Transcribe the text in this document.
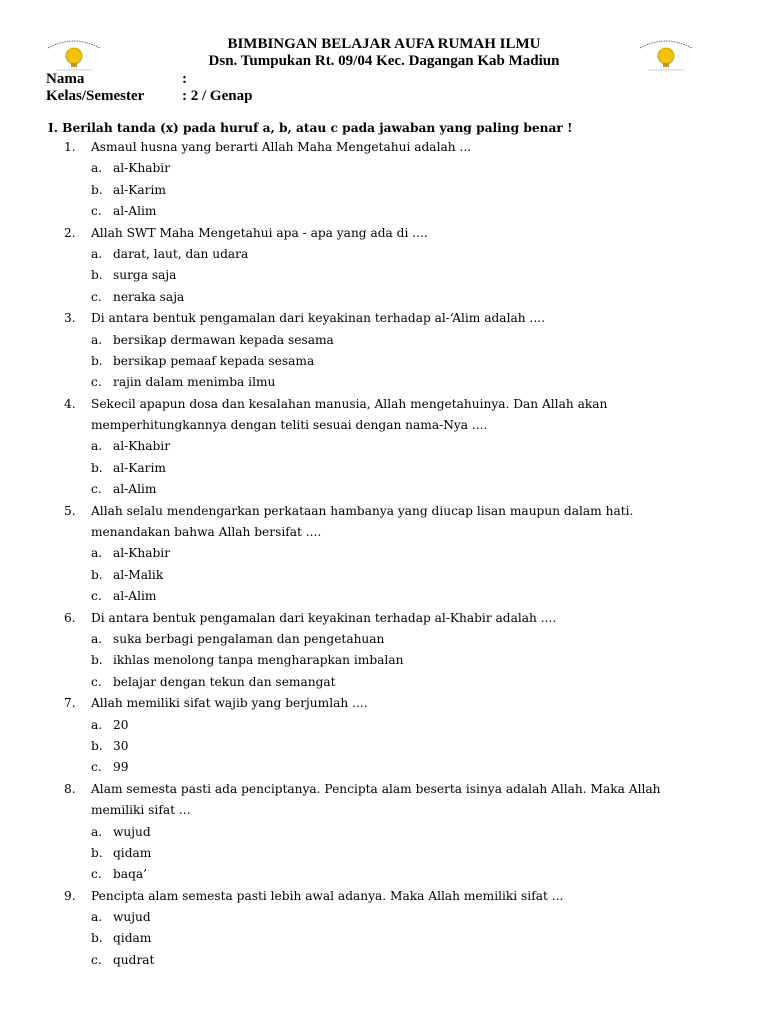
BIMBINGAN BELAJAR AUFA RUMAH ILMU
Dsn. Tumpukan Rt. 09/04 Kec. Dagangan Kab Madiun
Nama	:
Kelas/Semester	: 2 / Genap
I. Berilah tanda (x) pada huruf a, b, atau c pada jawaban yang paling benar !
1.	Asmaul husna yang berarti Allah Maha Mengetahui adalah ...
a. al-Khabir
b. al-Karim
c. al-Alim
2.	Allah SWT Maha Mengetahui apa - apa yang ada di ....
a. darat, laut, dan udara
b. surga saja
c. neraka saja
3.	Di antara bentuk pengamalan dari keyakinan terhadap al-‘Alim adalah ....
a. bersikap dermawan kepada sesama
b. bersikap pemaaf kepada sesama
c. rajin dalam menimba ilmu
4.	Sekecil apapun dosa dan kesalahan manusia, Allah mengetahuinya. Dan Allah akan
memperhitungkannya dengan teliti sesuai dengan nama-Nya ....
a. al-Khabir
b. al-Karim
c. al-Alim
5.	Allah selalu mendengarkan perkataan hambanya yang diucap lisan maupun dalam hati.
menandakan bahwa Allah bersifat ....
a. al-Khabir
b. al-Malik
c. al-Alim
6.	Di antara bentuk pengamalan dari keyakinan terhadap al-Khabir adalah ....
a. suka berbagi pengalaman dan pengetahuan
b. ikhlas menolong tanpa mengharapkan imbalan
c. belajar dengan tekun dan semangat
7.	Allah memiliki sifat wajib yang berjumlah ....
a. 20
b. 30
c. 99
8.	Alam semesta pasti ada penciptanya. Pencipta alam beserta isinya adalah Allah. Maka Allah
memiliki sifat ...
a. wujud
b. qidam
c. baqa’
9.	Pencipta alam semesta pasti lebih awal adanya. Maka Allah memiliki sifat ...
a. wujud
b. qidam
c. qudrat
